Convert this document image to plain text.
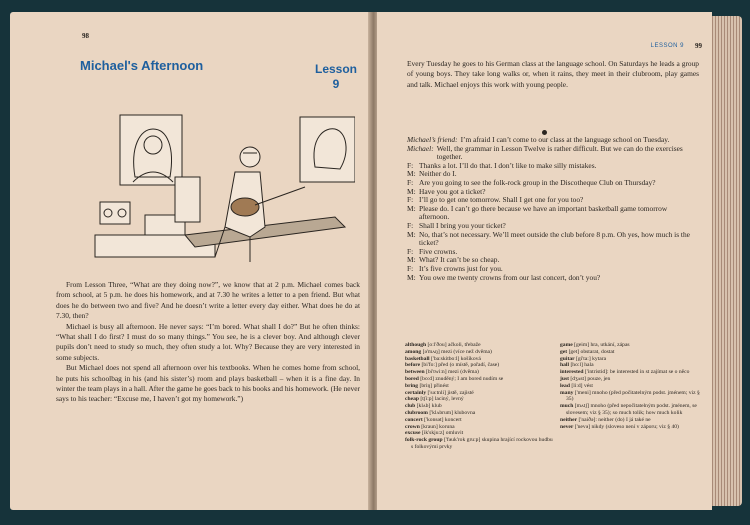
98
Michael's Afternoon	Lesson
9

From Lesson Three, “What are they doing now?”, we know that at 2 p.m. Michael comes back from school, at 5 p.m. he does his homework, and at 7.30 he writes a letter to a pen friend. But what does he do between two and five? And he doesn’t write a letter every day either. What does he do at 7.30, then?

Michael is busy all afternoon. He never says: “I’m bored. What shall I do?” But he often thinks: “What shall I do first? I must do so many things.” You see, he is a clever boy. And although clever pupils don’t need to study so much, they often study a lot. Why? Because they are very interested in some subjects.

But Michael does not spend all afternoon over his textbooks. When he comes home from school, he puts his schoolbag in his (and his sister’s) room and plays basketball – when it is a fine day. In winter the team plays in a hall. After the game he goes back to his books and his homework. (He never says to his teacher: “Excuse me, I haven’t got my homework.”)

LESSON 9 99

Every Tuesday he goes to his German class at the language school. On Saturdays he leads a group of young boys. They take long walks or, when it rains, they meet in their clubroom, play games and talk. Michael enjoys this work with young people.

Michael’s friend: I’m afraid I can’t come to our class at the language school on Tuesday.
Michael: Well, the grammar in Lesson Twelve is rather difficult. But we can do the exercises together.
F: Thanks a lot. I’ll do that. I don’t like to make silly mistakes.
M: Neither do I.
F: Are you going to see the folk-rock group in the Discotheque Club on Thursday?
M: Have you got a ticket?
F: I’ll go to get one tomorrow. Shall I get one for you too?
M: Please do. I can’t go there because we have an important basketball game tomorrow afternoon.
F: Shall I bring you your ticket?
M: No, that’s not necessary. We’ll meet outside the club before 8 p.m. Oh yes, how much is the ticket?
F: Five crowns.
M: What? It can’t be so cheap.
F: It’s five crowns just for you.
M: You owe me twenty crowns from our last concert, don’t you?
although [o:l'ðou] ačkoli, třebaže
among [ə'mʌŋ] mezi (více než dvěma)
basketball ['ba:skitbo:l] košíková
before [bi'fo:] před (o místě, pořadí, čase)
between [bi'twi:n] mezi (dvěma)
bored [bo:d] znuděný; I am bored nudím se
bring [briŋ] přinést
certainly ['sə:tnli] jistě, zajisté
cheap [tʃi:p] laciný, levný
club [klʌb] klub
clubroom ['klʌbrum] klubovna
concert ['konsət] koncert
crown [kraun] koruna
excuse [ik'skju:z] omluvit
folk-rock group ['fəuk'rok gru:p] skupina hrající rockovou hudbu s folkovými prvky
game [geim] hra, utkání, zápas
get [get] obstarat, dostat
guitar [gi'ta:] kytara
hall [ho:l] hala
interested ['intristid]: be interested in st zajímat se o něco
just [dʒʌst] pouze, jen
lead [li:d] vést
many ['meni] mnoho (před počitatelným podst. jménem; viz § 35)
much [mʌtʃ] mnoho (před nepočitatelným podst. jménem, se slovesem; viz § 35); so much tolik; how much kolik
neither ['naiðə]: neither (do) I já také ne
never ['nevə] nikdy (slovesо není v záporu; viz § 40)
